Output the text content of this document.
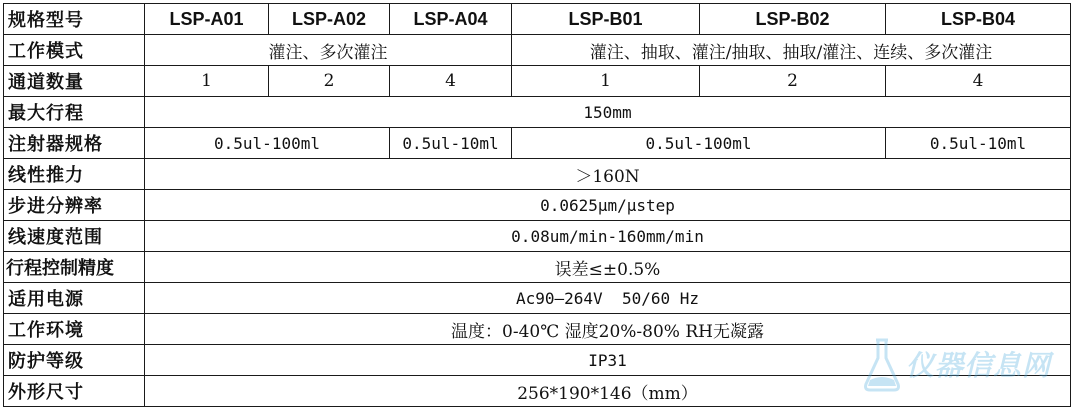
规格型号	LSP-A01	LSP-A02	LSP-A04	LSP-B01	LSP-B02	LSP-B04
工作模式	灌注、多次灌注			灌注、抽取、灌注/抽取、抽取/灌注、连续、多次灌注		
通道数量	1	2	4	1	2	4
最大行程	150mm					
注射器规格	0.5ul-100ml		0.5ul-10ml	0.5ul-100ml		0.5ul-10ml
线性推力	＞160N					
步进分辨率	0.0625μm/μstep					
线速度范围	0.08um/min-160mm/min					
行程控制精度	误差≤±0.5%					
适用电源	Ac90—264V  50/60 Hz					
工作环境	温度：0-40℃ 湿度20%-80% RH无凝露					
防护等级	IP31					
外形尺寸	256*190*146（mm）					
仪器信息网
